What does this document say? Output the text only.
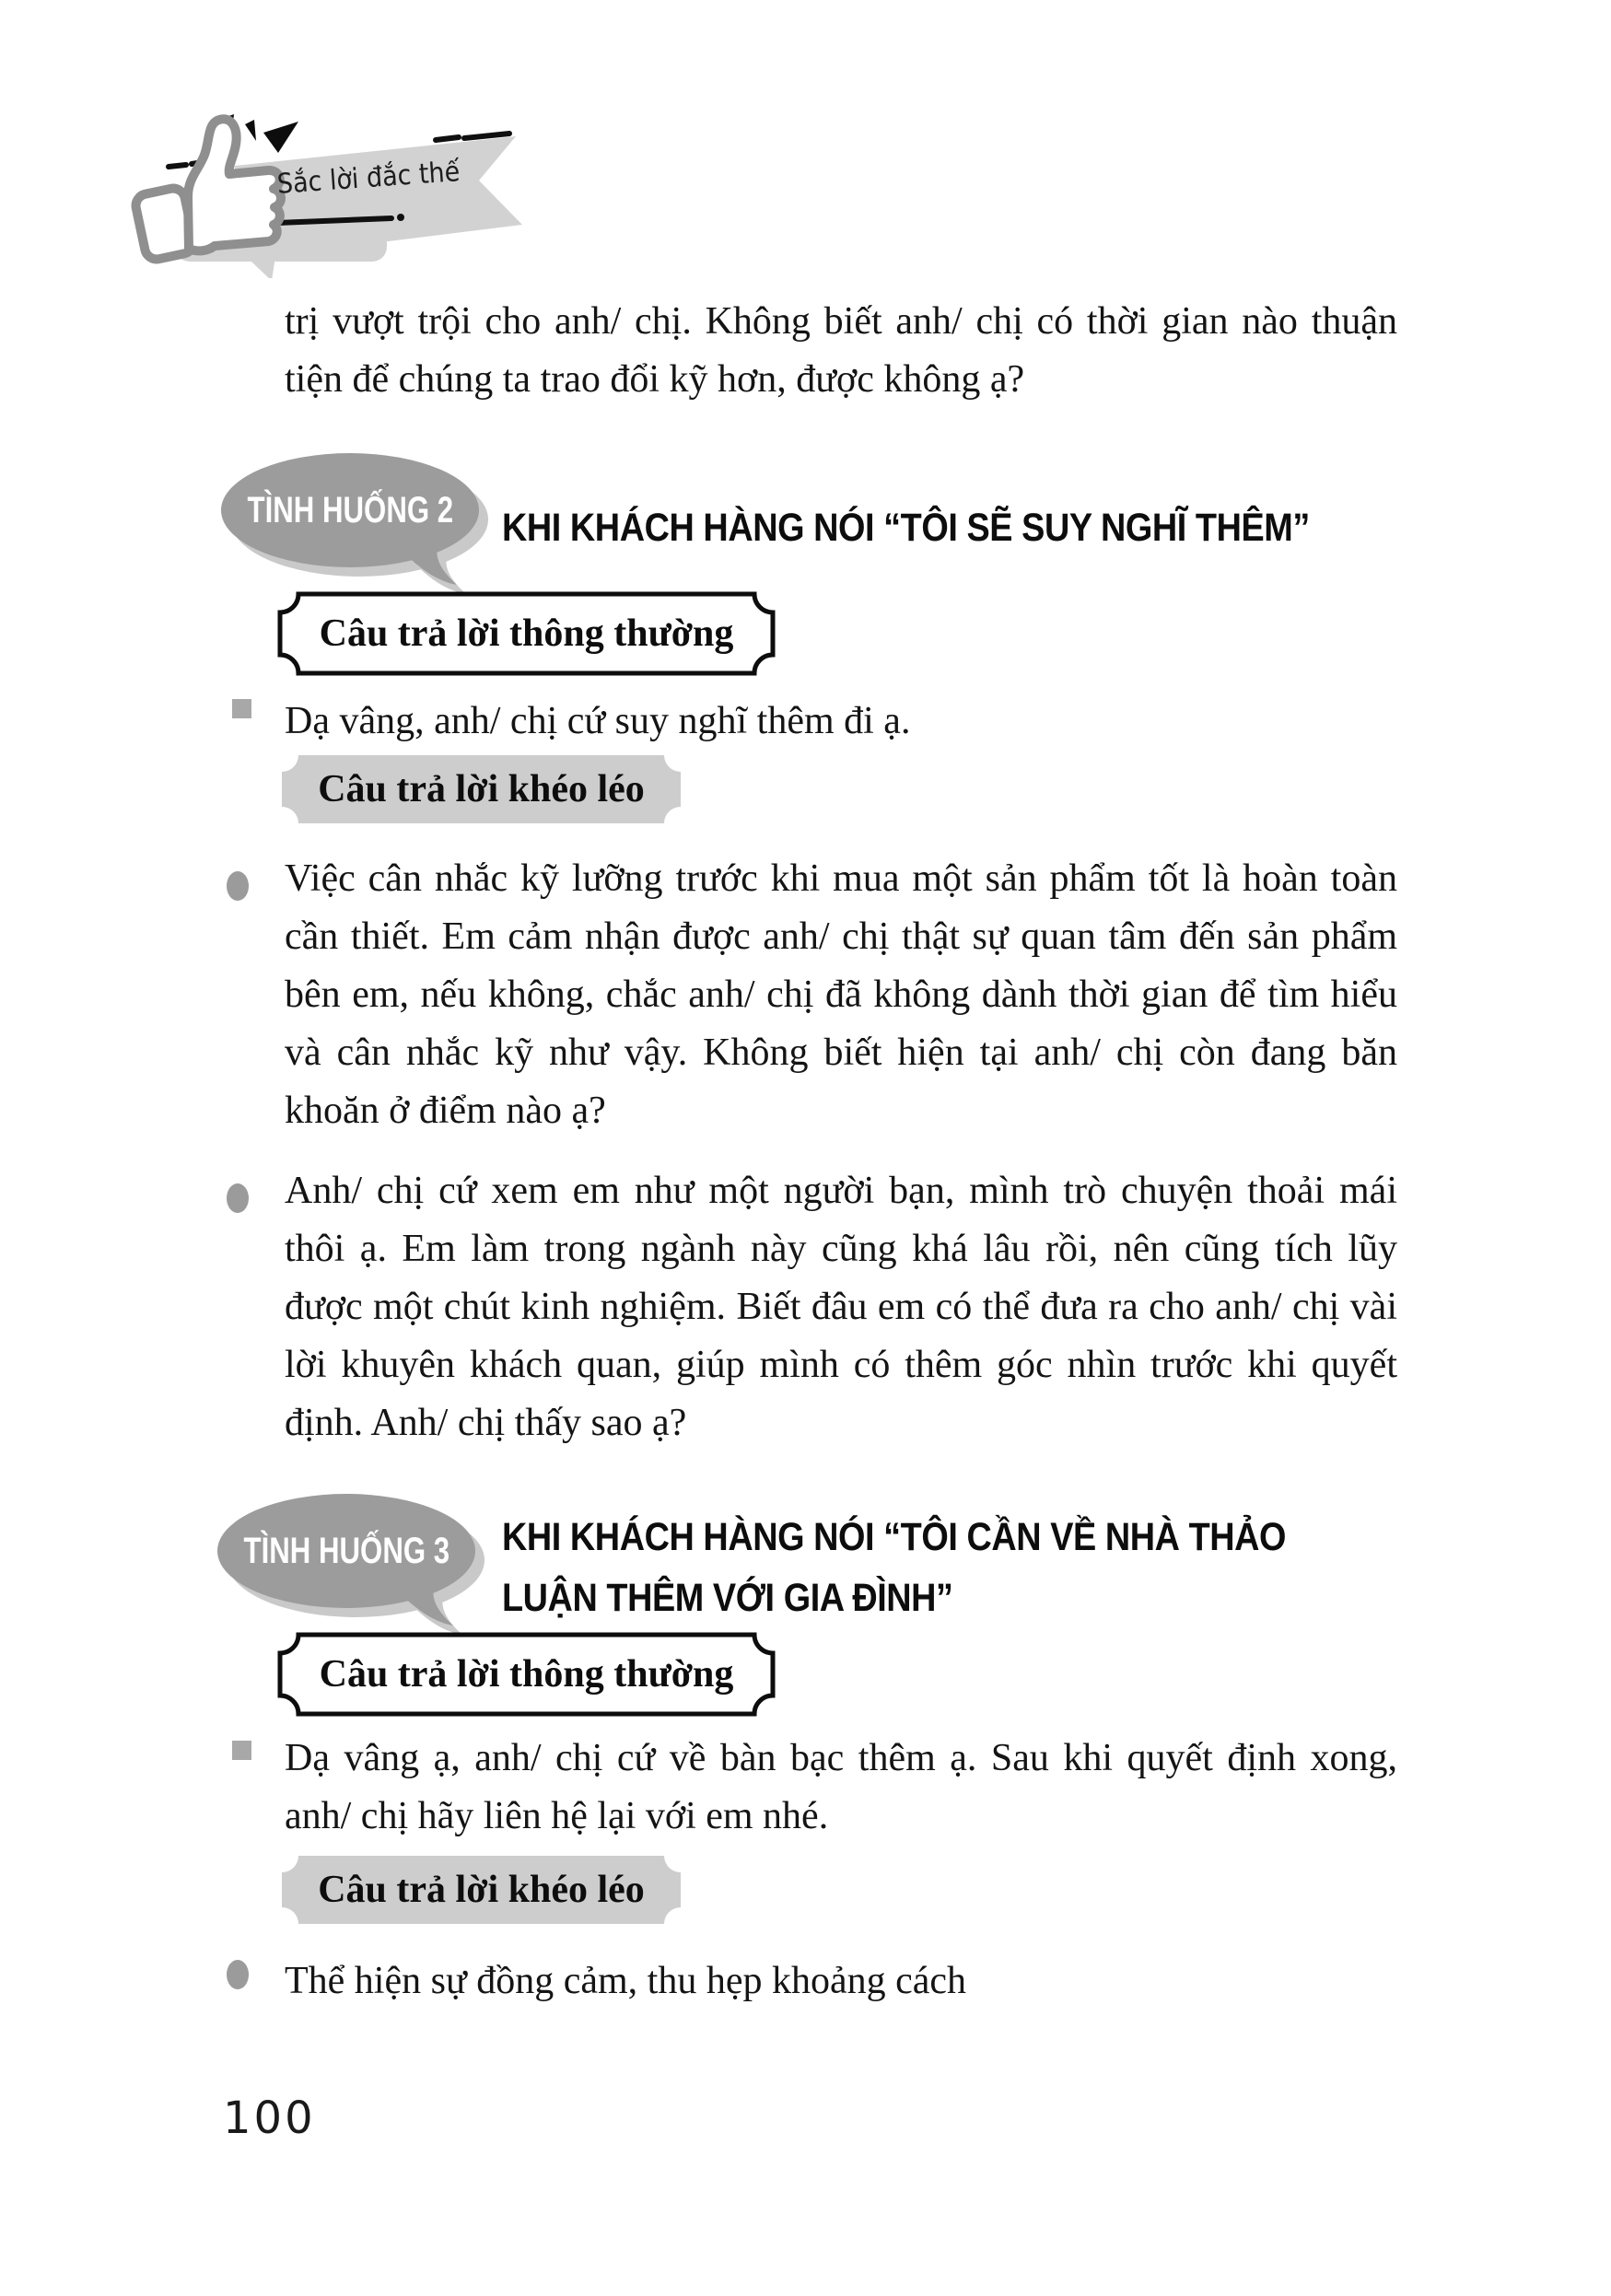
Sắc lời đắc thế
trị vượt trội cho anh/ chị. Không biết anh/ chị có thời gian nào thuận tiện để chúng ta trao đổi kỹ hơn, được không ạ?
TÌNH HUỐNG 2 KHI KHÁCH HÀNG NÓI “TÔI SẼ SUY NGHĨ THÊM”
Câu trả lời thông thường
Dạ vâng, anh/ chị cứ suy nghĩ thêm đi ạ.
Câu trả lời khéo léo
Việc cân nhắc kỹ lưỡng trước khi mua một sản phẩm tốt là hoàn toàn cần thiết. Em cảm nhận được anh/ chị thật sự quan tâm đến sản phẩm bên em, nếu không, chắc anh/ chị đã không dành thời gian để tìm hiểu và cân nhắc kỹ như vậy. Không biết hiện tại anh/ chị còn đang băn khoăn ở điểm nào ạ?
Anh/ chị cứ xem em như một người bạn, mình trò chuyện thoải mái thôi ạ. Em làm trong ngành này cũng khá lâu rồi, nên cũng tích lũy được một chút kinh nghiệm. Biết đâu em có thể đưa ra cho anh/ chị vài lời khuyên khách quan, giúp mình có thêm góc nhìn trước khi quyết định. Anh/ chị thấy sao ạ?
TÌNH HUỐNG 3 KHI KHÁCH HÀNG NÓI “TÔI CẦN VỀ NHÀ THẢO LUẬN THÊM VỚI GIA ĐÌNH”
Câu trả lời thông thường
Dạ vâng ạ, anh/ chị cứ về bàn bạc thêm ạ. Sau khi quyết định xong, anh/ chị hãy liên hệ lại với em nhé.
Câu trả lời khéo léo
Thể hiện sự đồng cảm, thu hẹp khoảng cách
100
